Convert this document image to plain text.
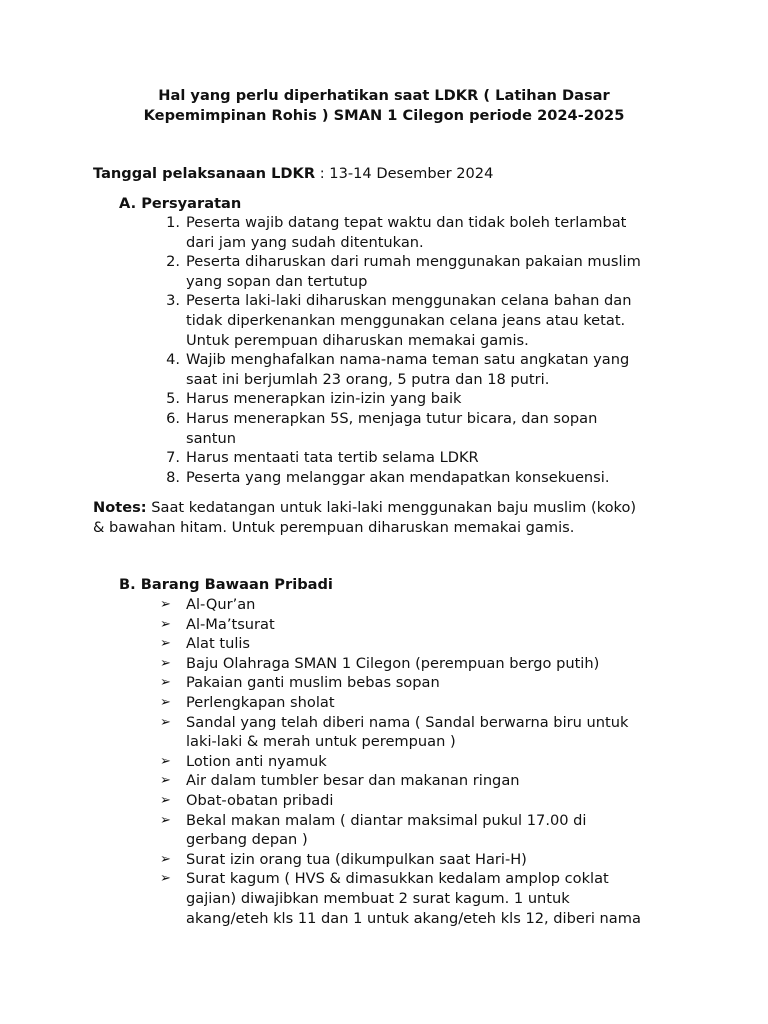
Hal yang perlu diperhatikan saat LDKR ( Latihan Dasar
Kepemimpinan Rohis ) SMAN 1 Cilegon periode 2024-2025
Tanggal pelaksanaan LDKR : 13-14 Desember 2024
A. Persyaratan
1. Peserta wajib datang tepat waktu dan tidak boleh terlambat
dari jam yang sudah ditentukan.
2. Peserta diharuskan dari rumah menggunakan pakaian muslim
yang sopan dan tertutup
3. Peserta laki-laki diharuskan menggunakan celana bahan dan
tidak diperkenankan menggunakan celana jeans atau ketat.
Untuk perempuan diharuskan memakai gamis.
4. Wajib menghafalkan nama-nama teman satu angkatan yang
saat ini berjumlah 23 orang, 5 putra dan 18 putri.
5. Harus menerapkan izin-izin yang baik
6. Harus menerapkan 5S, menjaga tutur bicara, dan sopan
santun
7. Harus mentaati tata tertib selama LDKR
8. Peserta yang melanggar akan mendapatkan konsekuensi.
Notes: Saat kedatangan untuk laki-laki menggunakan baju muslim (koko)
& bawahan hitam. Untuk perempuan diharuskan memakai gamis.
B. Barang Bawaan Pribadi
➢	Al-Qur’an
➢	Al-Ma’tsurat
➢	Alat tulis
➢	Baju Olahraga SMAN 1 Cilegon (perempuan bergo putih)
➢	Pakaian ganti muslim bebas sopan
➢	Perlengkapan sholat
➢	Sandal yang telah diberi nama ( Sandal berwarna biru untuk
laki-laki & merah untuk perempuan )
➢	Lotion anti nyamuk
➢	Air dalam tumbler besar dan makanan ringan
➢	Obat-obatan pribadi
➢	Bekal makan malam ( diantar maksimal pukul 17.00 di
gerbang depan )
➢	Surat izin orang tua (dikumpulkan saat Hari-H)
➢	Surat kagum ( HVS & dimasukkan kedalam amplop coklat
gajian) diwajibkan membuat 2 surat kagum. 1 untuk
akang/eteh kls 11 dan 1 untuk akang/eteh kls 12, diberi nama
